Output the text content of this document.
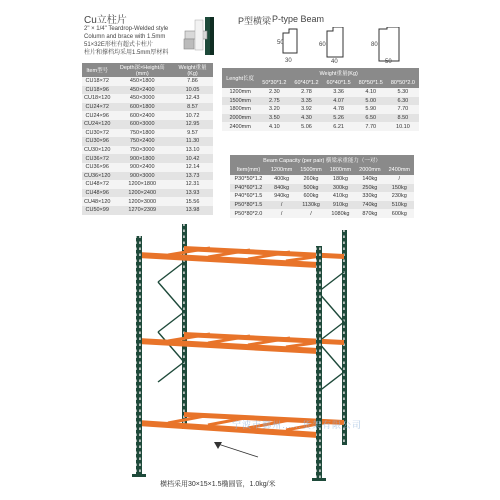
Cu立柱片
2" × 1/4" Teardrop-Welded style
Column and brace with 1.5mm
51×32E形柱有超式卡柱片
柱片和撑档均采用1.5mm厚材料
P型横梁 P-type Beam
50
30
60
40
80
50
Item型号	Depth深×Height高(mm)	Weight重量(Kg)
CU18×72	450×1800	7.86
CU18×96	450×2400	10.05
CU18×120	450×3000	12.43
CU24×72	600×1800	8.57
CU24×96	600×2400	10.72
CU24×120	600×3000	12.95
CU30×72	750×1800	9.57
CU30×96	750×2400	11.30
CU30×120	750×3000	13.10
CU36×72	900×1800	10.42
CU36×96	900×2400	12.14
CU36×120	900×3000	13.73
CU48×72	1200×1800	12.31
CU48×96	1200×2400	13.93
CU48×120	1200×3000	15.56
CU50×99	1270×2309	13.98
Lenght长度	Weight重量(Kg)				
	50*30*1.2	60*40*1.2	60*40*1.5	80*50*1.5	80*50*2.0
1200mm	2.30	2.78	3.36	4.10	5.30
1500mm	2.75	3.35	4.07	5.00	6.30
1800mm	3.20	3.92	4.78	5.90	7.70
2000mm	3.50	4.30	5.26	6.50	8.50
2400mm	4.10	5.06	6.21	7.70	10.10
Beam Capacity (per pair) 横梁承重能力（一对）					
Item(mm)	1200mm	1500mm	1800mm	2000mm	2400mm
P30*50*1.2	400kg	260kg	180kg	140kg	/
P40*60*1.2	840kg	500kg	300kg	250kg	150kg
P40*60*1.5	940kg	600kg	410kg	330kg	230kg
P50*80*1.5	/	1130kg	910kg	740kg	510kg
P50*80*2.0	/	/	1080kg	870kg	600kg
宁波市鄞州……货架有限公司
横档采用30×15×1.5椭圆管，1.0kg/米
